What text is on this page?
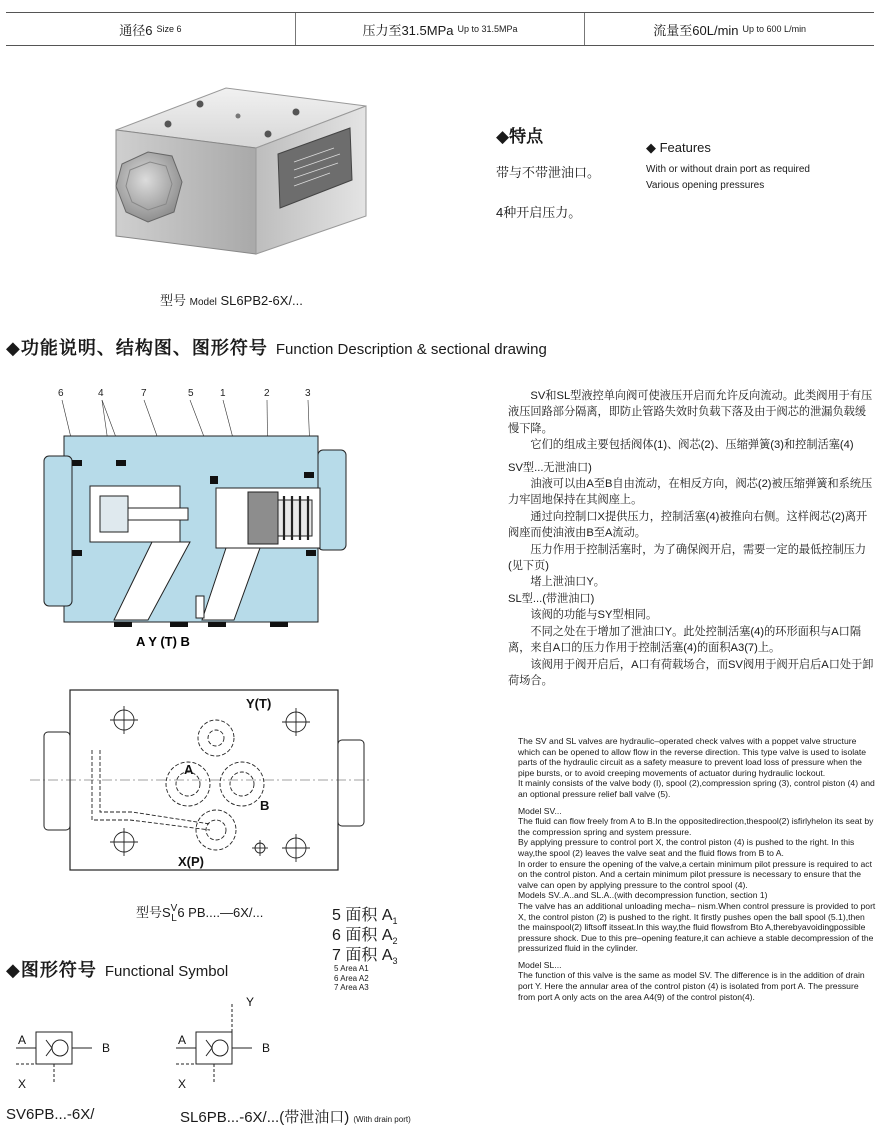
通径6 Size 6	压力至31.5MPa Up to 31.5MPa	流量至60L/min Up to 600 L/min
型号 Model SL6PB2-6X/...
◆特点
带与不带泄油口。
4种开启压力。
◆ Features
With or without drain port as required
Various opening pressures
◆功能说明、结构图、图形符号 Function Description & sectional drawing
6	4	7	5	1	2	3
A Y (T) B
Y(T)
A
B
X(P)
型号S V
L 6 PB....—6X/...	5 面积 $A_1$
6 面积 $A_2$
7 面积 $A_3$
5 Area A1
6 Area A2
7 Area A3
◆图形符号 Functional Symbol
A
B
X
A
B
X
Y
SV6PB...-6X/	SL6PB...-6X/...(带泄油口) (With drain port)

　　SV和SL型液控单向阀可使液压开启而允许反向流动。此类阀用于有压液压回路部分隔离，即防止管路失效时负载下落及由于阀芯的泄漏负载缓慢下降。

　　它们的组成主要包括阀体(1)、阀芯(2)、压缩弹簧(3)和控制活塞(4)

SV型...无泄油口)

　　油液可以由A至B自由流动，在相反方向，阀芯(2)被压缩弹簧和系统压力牢固地保持在其阀座上。

　　通过向控制口X提供压力，控制活塞(4)被推向右侧。这样阀芯(2)离开阀座而使油液由B至A流动。

　　压力作用于控制活塞时，为了确保阀开启，需要一定的最低控制压力(见下页)

　　堵上泄油口Y。

SL型...(带泄油口)

　　该阀的功能与SY型相同。

　　不同之处在于增加了泄油口Y。此处控制活塞(4)的环形面积与A口隔离，来自A口的压力作用于控制活塞(4)的面积A3(7)上。

　　该阀用于阀开启后，A口有荷载场合，而SV阀用于阀开启后A口处于卸荷场合。

The SV and SL valves are hydraulic–operated check valves with a poppet valve structure which can be opened to allow flow in the reverse direction. This type valve is used to isolate parts of the hydraulic circuit as a safety measure to prevent load loss of pressure when the pipe bursts, or to avoid creeping movements of actuator during hydraulic lockout.

It mainly consists of the valve body (I), spool (2),compression spring (3), control piston (4) and an optional pressure relief ball valve (5).

Model SV...

The fluid can flow freely from A to B.In the oppositedirection,thespool(2) isfirlyhelon its seat by the compression spring and system pressure.

By applying pressure to control port X, the control piston (4) is pushed to the right. In this way,the spool (2) leaves the valve seat and the fluid flows from B to A.

In order to ensure the opening of the valve,a certain minimum pilot pressure is required to act on the control piston. And a certain minimum pilot pressure is necessary to ensure that the valve can open by applying pressure to the control spool (4).

Models SV..A..and SL.A..(with decompression function, section 1)

The valve has an additional unloading mecha– nism.When control pressure is provided to port X, the control piston (2) is pushed to the right. It firstly pushes open the ball spool (5.1),then the mainspool(2) liftsoff itsseat.In this way,the fluid flowsfrom Bto A,therebyavoidingpossible pressure shock. Due to this pre–opening feature,it can achieve a stable decompression of the pressurized fluid in the cylinder.

Model SL...

The function of this valve is the same as model SV. The difference is in the addition of drain port Y. Here the annular area of the control piston (4) is isolated from port A. The pressure from port A only acts on the area A4(9) of the control piston(4).
